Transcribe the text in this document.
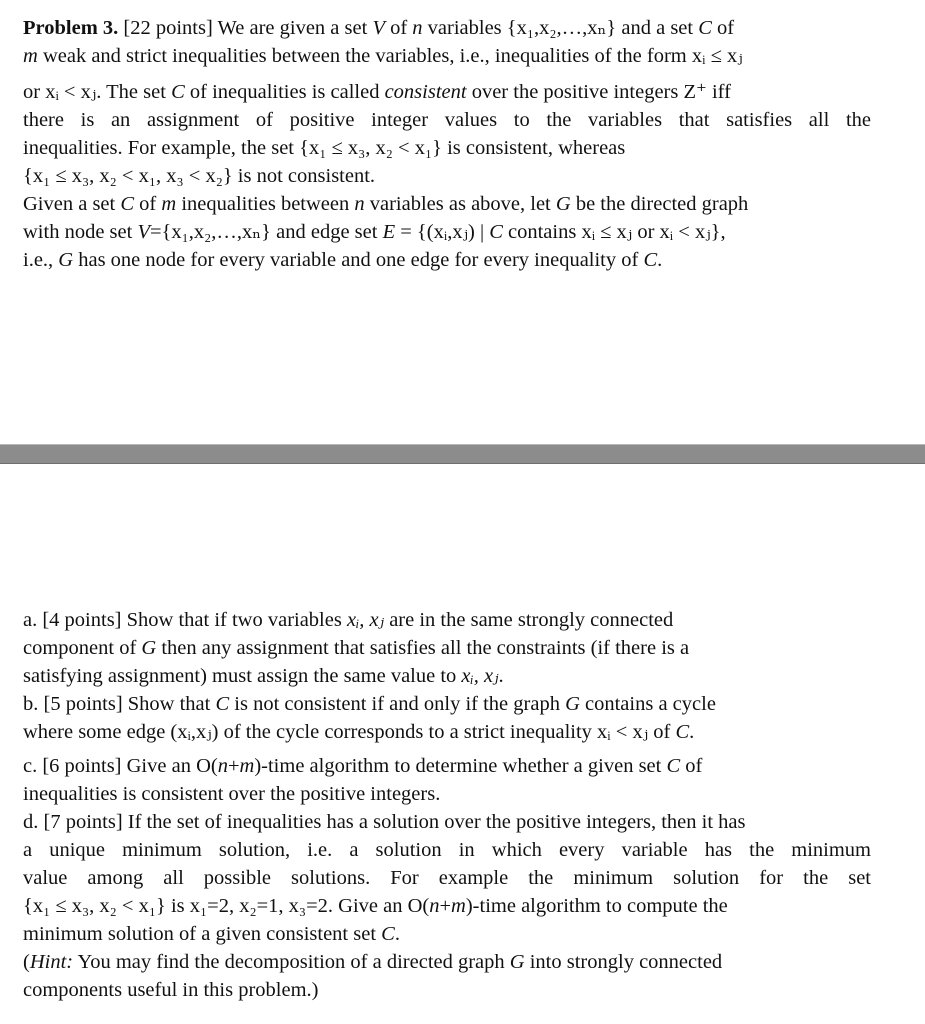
Problem 3. [22 points] We are given a set V of n variables {x₁,x₂,…,xₙ} and a set C of
m weak and strict inequalities between the variables, i.e., inequalities of the form xᵢ ≤ xⱼ
or xᵢ < xⱼ. The set C of inequalities is called consistent over the positive integers Z⁺ iff
there is an assignment of positive integer values to the variables that satisfies all the
inequalities. For example, the set {x₁ ≤ x₃, x₂ < x₁} is consistent, whereas
{x₁ ≤ x₃, x₂ < x₁, x₃ < x₂} is not consistent.
Given a set C of m inequalities between n variables as above, let G be the directed graph
with node set V={x₁,x₂,…,xₙ} and edge set E = {(xᵢ,xⱼ) | C contains xᵢ ≤ xⱼ or xᵢ < xⱼ},
i.e., G has one node for every variable and one edge for every inequality of C.
a. [4 points] Show that if two variables xᵢ, xⱼ are in the same strongly connected
component of G then any assignment that satisfies all the constraints (if there is a
satisfying assignment) must assign the same value to xᵢ, xⱼ.
b. [5 points] Show that C is not consistent if and only if the graph G contains a cycle
where some edge (xᵢ,xⱼ) of the cycle corresponds to a strict inequality xᵢ < xⱼ of C.
c. [6 points] Give an O(n+m)-time algorithm to determine whether a given set C of
inequalities is consistent over the positive integers.
d. [7 points] If the set of inequalities has a solution over the positive integers, then it has
a unique minimum solution, i.e. a solution in which every variable has the minimum
value among all possible solutions. For example the minimum solution for the set
{x₁ ≤ x₃, x₂ < x₁} is x₁=2, x₂=1, x₃=2. Give an O(n+m)-time algorithm to compute the
minimum solution of a given consistent set C.
(Hint: You may find the decomposition of a directed graph G into strongly connected
components useful in this problem.)
